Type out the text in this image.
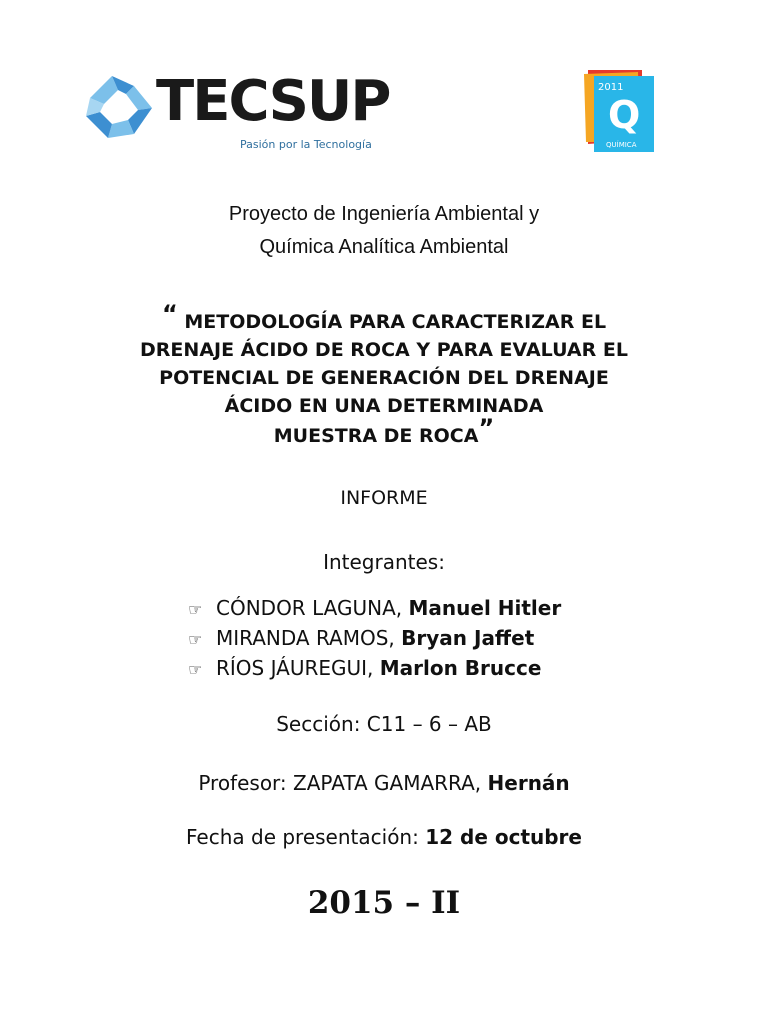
TECSUP
Pasión por la Tecnología
2011
Q
QUÍMICA
Proyecto de Ingeniería Ambiental y
Química Analítica Ambiental
“ METODOLOGÍA PARA CARACTERIZAR EL
DRENAJE ÁCIDO DE ROCA Y PARA EVALUAR EL
POTENCIAL DE GENERACIÓN DEL DRENAJE
ÁCIDO EN UNA DETERMINADA
MUESTRA DE ROCA”
INFORME
Integrantes:
☞ CÓNDOR LAGUNA, Manuel Hitler
☞ MIRANDA RAMOS, Bryan Jaffet
☞ RÍOS JÁUREGUI, Marlon Brucce
Sección: C11 – 6 – AB
Profesor: ZAPATA GAMARRA, Hernán
Fecha de presentación: 12 de octubre
2015 – II
